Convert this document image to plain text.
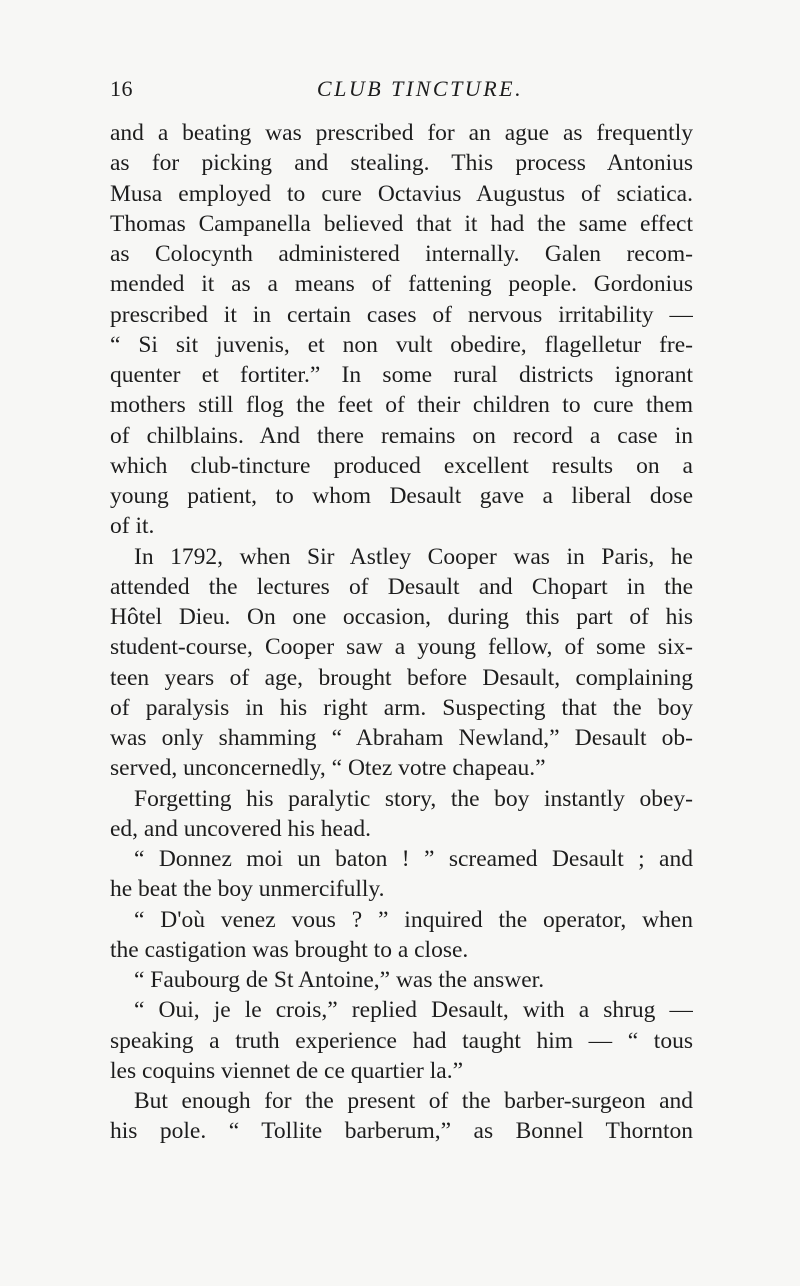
16	CLUB TINCTURE.
and a beating was prescribed for an ague as frequently
as for picking and stealing. This process Antonius
Musa employed to cure Octavius Augustus of sciatica.
Thomas Campanella believed that it had the same effect
as Colocynth administered internally. Galen recom-
mended it as a means of fattening people. Gordonius
prescribed it in certain cases of nervous irritability —
“ Si sit juvenis, et non vult obedire, flagelletur fre-
quenter et fortiter.” In some rural districts ignorant
mothers still flog the feet of their children to cure them
of chilblains. And there remains on record a case in
which club-tincture produced excellent results on a
young patient, to whom Desault gave a liberal dose
of it.
In 1792, when Sir Astley Cooper was in Paris, he
attended the lectures of Desault and Chopart in the
Hôtel Dieu. On one occasion, during this part of his
student-course, Cooper saw a young fellow, of some six-
teen years of age, brought before Desault, complaining
of paralysis in his right arm. Suspecting that the boy
was only shamming “ Abraham Newland,” Desault ob-
served, unconcernedly, “ Otez votre chapeau.”
Forgetting his paralytic story, the boy instantly obey-
ed, and uncovered his head.
“ Donnez moi un baton ! ” screamed Desault ; and
he beat the boy unmercifully.
“ D'où venez vous ? ” inquired the operator, when
the castigation was brought to a close.
“ Faubourg de St Antoine,” was the answer.
“ Oui, je le crois,” replied Desault, with a shrug —
speaking a truth experience had taught him — “ tous
les coquins viennet de ce quartier la.”
But enough for the present of the barber-surgeon and
his pole. “ Tollite barberum,” as Bonnel Thornton
